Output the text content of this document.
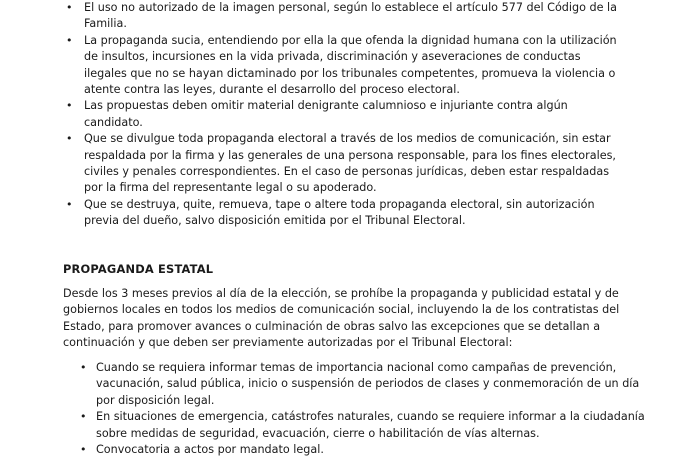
• El uso no autorizado de la imagen personal, según lo establece el artículo 577 del Código de la
Familia.
• La propaganda sucia, entendiendo por ella la que ofenda la dignidad humana con la utilización
de insultos, incursiones en la vida privada, discriminación y aseveraciones de conductas
ilegales que no se hayan dictaminado por los tribunales competentes, promueva la violencia o
atente contra las leyes, durante el desarrollo del proceso electoral.
• Las propuestas deben omitir material denigrante calumnioso e injuriante contra algún
candidato.
• Que se divulgue toda propaganda electoral a través de los medios de comunicación, sin estar
respaldada por la firma y las generales de una persona responsable, para los fines electorales,
civiles y penales correspondientes. En el caso de personas jurídicas, deben estar respaldadas
por la firma del representante legal o su apoderado.
• Que se destruya, quite, remueva, tape o altere toda propaganda electoral, sin autorización
previa del dueño, salvo disposición emitida por el Tribunal Electoral.
PROPAGANDA ESTATAL
Desde los 3 meses previos al día de la elección, se prohíbe la propaganda y publicidad estatal y de
gobiernos locales en todos los medios de comunicación social, incluyendo la de los contratistas del
Estado, para promover avances o culminación de obras salvo las excepciones que se detallan a
continuación y que deben ser previamente autorizadas por el Tribunal Electoral:
• Cuando se requiera informar temas de importancia nacional como campañas de prevención,
vacunación, salud pública, inicio o suspensión de periodos de clases y conmemoración de un día
por disposición legal.
• En situaciones de emergencia, catástrofes naturales, cuando se requiere informar a la ciudadanía
sobre medidas de seguridad, evacuación, cierre o habilitación de vías alternas.
• Convocatoria a actos por mandato legal.
